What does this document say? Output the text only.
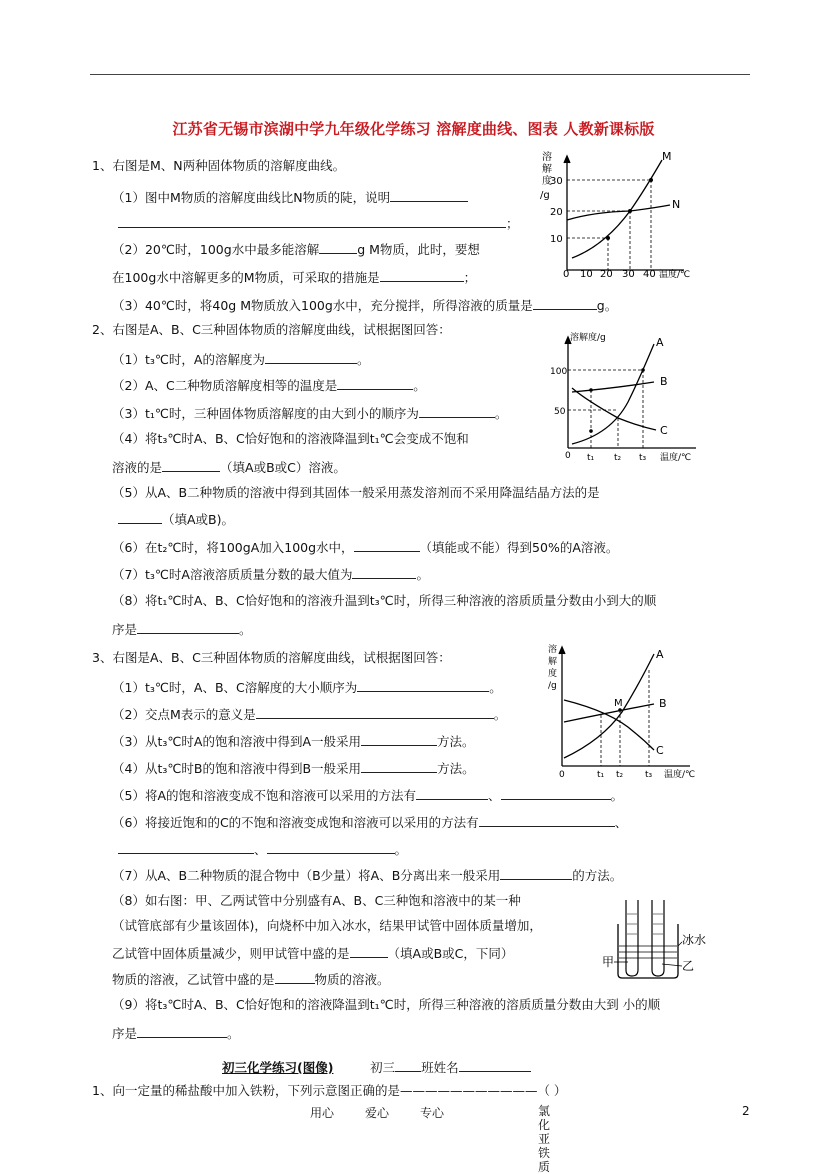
江苏省无锡市滨湖中学九年级化学练习 溶解度曲线、图表 人教新课标版
1、右图是M、N两种固体物质的溶解度曲线。
（1）图中M物质的溶解度曲线比N物质的陡，说明
；
（2）20℃时，100g水中最多能溶解	g M物质，此时，要想
在100g水中溶解更多的M物质，可采取的措施是	；
（3）40℃时，将40g M物质放入100g水中，充分搅拌，所得溶液的质量是	g。
溶
解
度
/g
10
20
30
0 10 20 30 40 温度/℃
M
N
2、右图是A、B、C三种固体物质的溶解度曲线，试根据图回答：
（1）t₃℃时，A的溶解度为	。
（2）A、C二种物质溶解度相等的温度是	。
（3）t₁℃时，三种固体物质溶解度的由大到小的顺序为	。
（4）将t₃℃时A、B、C恰好饱和的溶液降温到t₁℃会变成不饱和
溶液的是	（填A或B或C）溶液。
（5）从A、B二种物质的溶液中得到其固体一般采用蒸发溶剂而不采用降温结晶方法的是
（填A或B)。
（6）在t₂℃时，将100gA加入100g水中，	（填能或不能）得到50%的A溶液。
（7）t₃℃时A溶液溶质质量分数的最大值为	。
（8）将t₁℃时A、B、C恰好饱和的溶液升温到t₃℃时，所得三种溶液的溶质质量分数由小到大的顺
序是	。
溶解度/g
100
50
0 t₁ t₂ t₃ 温度/℃
A
B
C
3、右图是A、B、C三种固体物质的溶解度曲线，试根据图回答：
（1）t₃℃时，A、B、C溶解度的大小顺序为	。
（2）交点M表示的意义是	。
（3）从t₃℃时A的饱和溶液中得到A一般采用	方法。
（4）从t₃℃时B的饱和溶液中得到B一般采用	方法。
（5）将A的饱和溶液变成不饱和溶液可以采用的方法有	、	。
（6）将接近饱和的C的不饱和溶液变成饱和溶液可以采用的方法有	、
、	。
（7）从A、B二种物质的混合物中（B少量）将A、B分离出来一般采用	的方法。
（8）如右图：甲、乙两试管中分别盛有A、B、C三种饱和溶液中的某一种
（试管底部有少量该固体)，向烧杯中加入冰水，结果甲试管中固体质量增加，
乙试管中固体质量减少，则甲试管中盛的是	（填A或B或C，下同）
物质的溶液，乙试管中盛的是	物质的溶液。
（9）将t₃℃时A、B、C恰好饱和的溶液降温到t₁℃时，所得三种溶液的溶质质量分数由大到 小的顺
序是	。
溶
解
度
/g
0	t₁ t₂ t₃ 温度/℃
M
A
B
C
冰水
甲	乙
初三化学练习(图像)	初三 班姓名
1、向一定量的稀盐酸中加入铁粉，下列示意图正确的是———————————（ ）
用心	爱心	专心	氯化亚铁质
2
